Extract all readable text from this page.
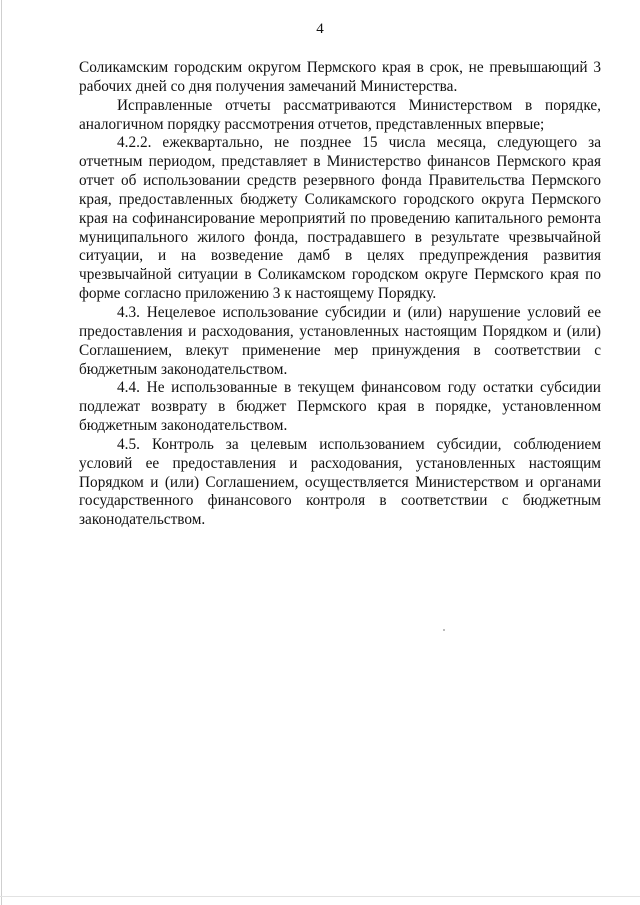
4

Соликамским городским округом Пермского края в срок, не превышающий 3 рабочих дней со дня получения замечаний Министерства.

Исправленные отчеты рассматриваются Министерством в порядке, аналогичном порядку рассмотрения отчетов, представленных впервые;

4.2.2. ежеквартально, не позднее 15 числа месяца, следующего за отчетным периодом, представляет в Министерство финансов Пермского края отчет об использовании средств резервного фонда Правительства Пермского края, предоставленных бюджету Соликамского городского округа Пермского края на софинансирование мероприятий по проведению капитального ремонта муниципального жилого фонда, пострадавшего в результате чрезвычайной ситуации, и на возведение дамб в целях предупреждения развития чрезвычайной ситуации в Соликамском городском округе Пермского края по форме согласно приложению 3 к настоящему Порядку.

4.3. Нецелевое использование субсидии и (или) нарушение условий ее предоставления и расходования, установленных настоящим Порядком и (или) Соглашением, влекут применение мер принуждения в соответствии с бюджетным законодательством.

4.4. Не использованные в текущем финансовом году остатки субсидии подлежат возврату в бюджет Пермского края в порядке, установленном бюджетным законодательством.

4.5. Контроль за целевым использованием субсидии, соблюдением условий ее предоставления и расходования, установленных настоящим Порядком и (или) Соглашением, осуществляется Министерством и органами государственного финансового контроля в соответствии с бюджетным законодательством.
